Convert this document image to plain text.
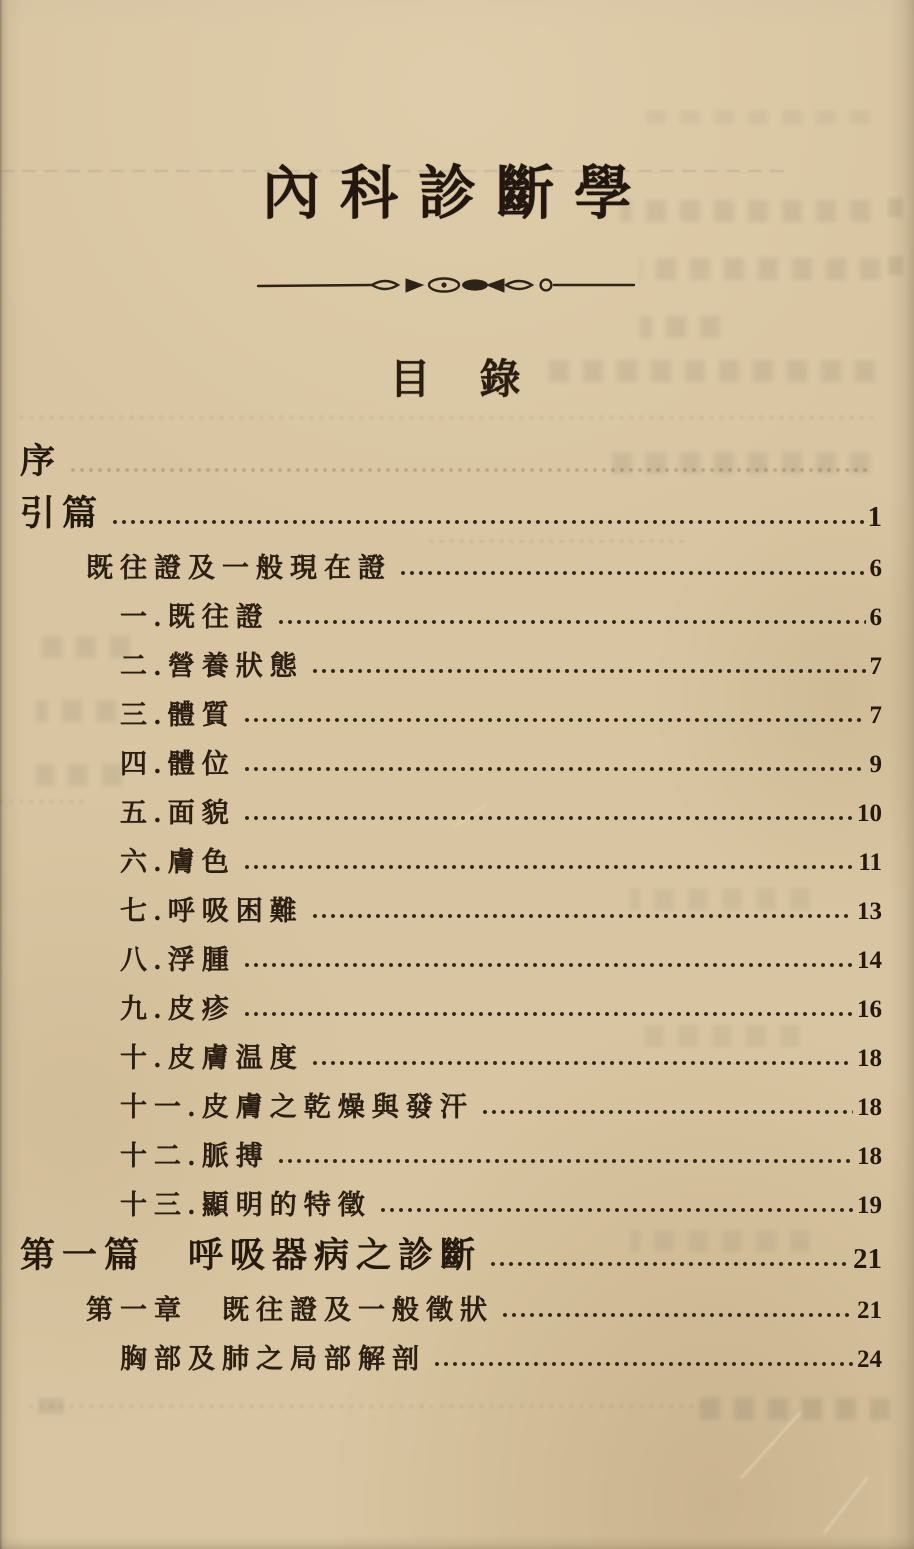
內科診斷學
目　錄
序
引篇	1
既往證及一般現在證	6
一.既往證	6
二.營養狀態	7
三.體質	7
四.體位	9
五.面貌	10
六.膚色	11
七.呼吸困難	13
八.浮腫	14
九.皮疹	16
十.皮膚温度	18
十一.皮膚之乾燥與發汗	18
十二.脈搏	18
十三.顯明的特徵	19
第一篇　呼吸器病之診斷	21
第一章　既往證及一般徵狀	21
胸部及肺之局部解剖	24
